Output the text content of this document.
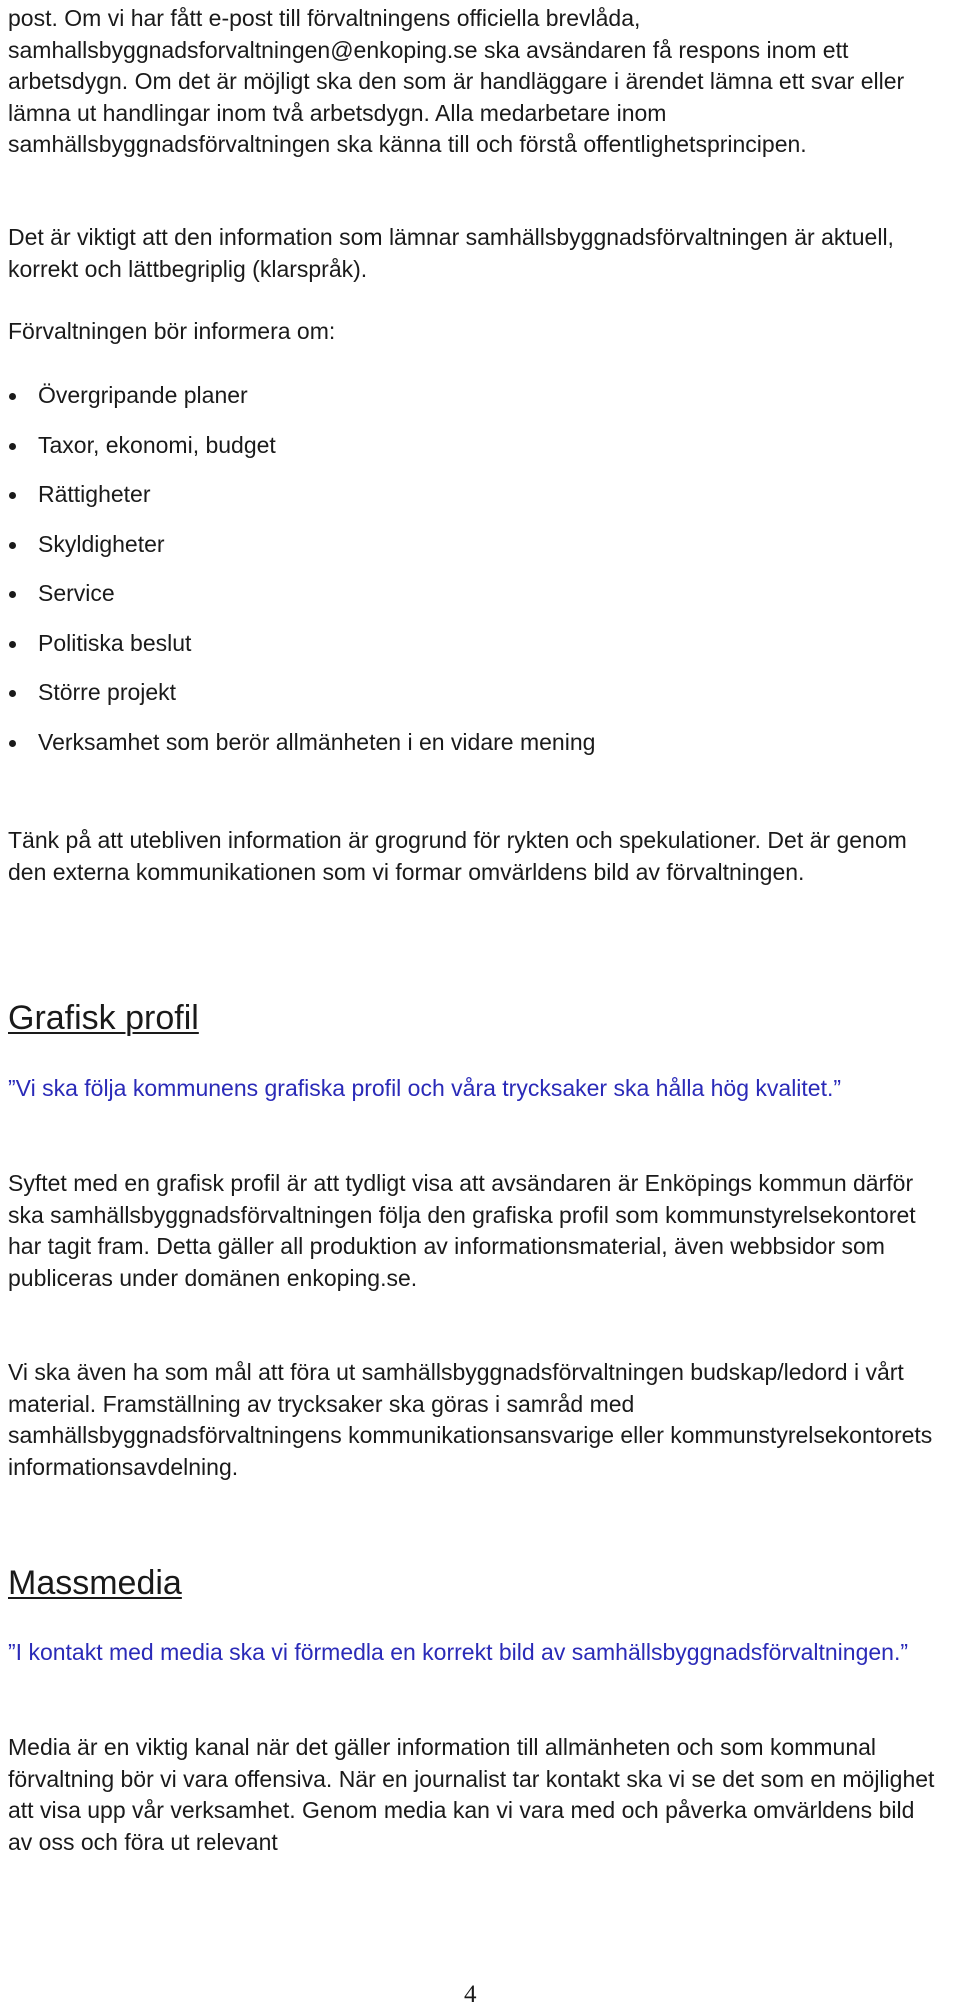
post. Om vi har fått e-post till förvaltningens officiella brevlåda, samhallsbyggnadsforvaltningen@enkoping.se ska avsändaren få respons inom ett arbetsdygn. Om det är möjligt ska den som är handläggare i ärendet lämna ett svar eller lämna ut handlingar inom två arbetsdygn. Alla medarbetare inom samhällsbyggnadsförvaltningen ska känna till och förstå offentlighetsprincipen.

Det är viktigt att den information som lämnar samhällsbyggnadsförvaltningen är aktuell, korrekt och lättbegriplig (klarspråk).

Förvaltningen bör informera om:

Övergripande planer
Taxor, ekonomi, budget
Rättigheter
Skyldigheter
Service
Politiska beslut
Större projekt
Verksamhet som berör allmänheten i en vidare mening

Tänk på att utebliven information är grogrund för rykten och spekulationer. Det är genom den externa kommunikationen som vi formar omvärldens bild av förvaltningen.

Grafisk profil

”Vi ska följa kommunens grafiska profil och våra trycksaker ska hålla hög kvalitet.”

Syftet med en grafisk profil är att tydligt visa att avsändaren är Enköpings kommun därför ska samhällsbyggnadsförvaltningen följa den grafiska profil som kommunstyrelsekontoret har tagit fram. Detta gäller all produktion av informationsmaterial, även webbsidor som publiceras under domänen enkoping.se.

Vi ska även ha som mål att föra ut samhällsbyggnadsförvaltningen budskap/ledord i vårt material. Framställning av trycksaker ska göras i samråd med samhällsbyggnadsförvaltningens kommunikationsansvarige eller kommunstyrelsekontorets informationsavdelning.

Massmedia

”I kontakt med media ska vi förmedla en korrekt bild av samhällsbyggnadsförvaltningen.”

Media är en viktig kanal när det gäller information till allmänheten och som kommunal förvaltning bör vi vara offensiva. När en journalist tar kontakt ska vi se det som en möjlighet att visa upp vår verksamhet. Genom media kan vi vara med och påverka omvärldens bild av oss och föra ut relevant

4
